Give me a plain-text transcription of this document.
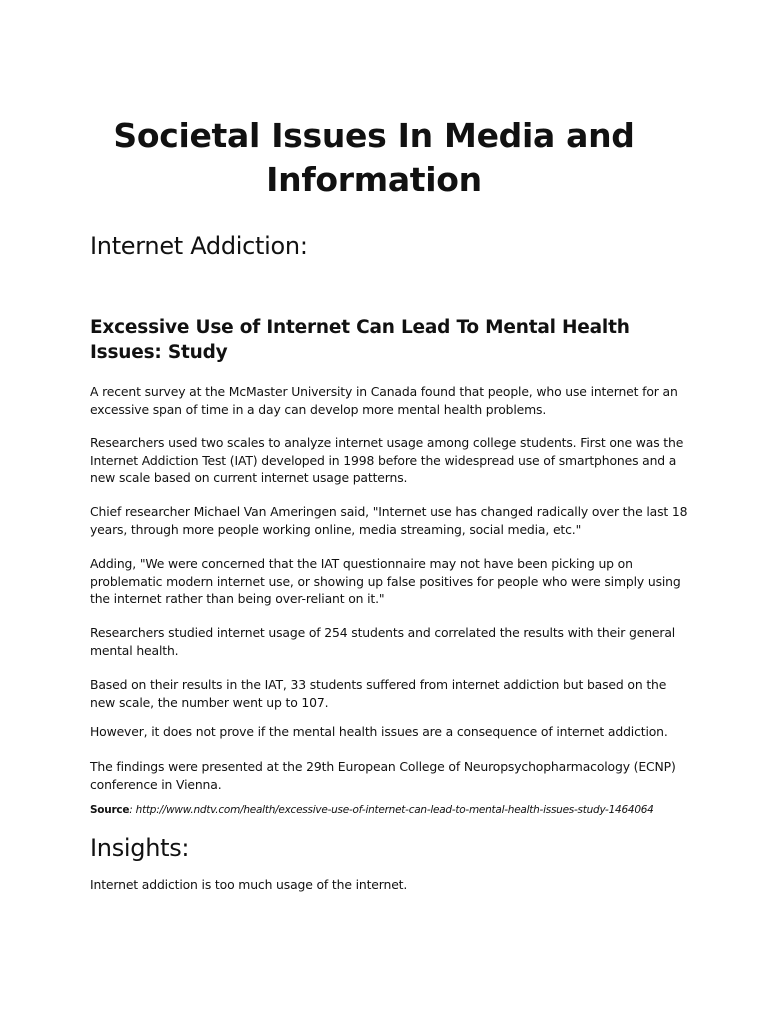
Societal Issues In Media and Information
Internet Addiction:
Excessive Use of Internet Can Lead To Mental Health Issues: Study

A recent survey at the McMaster University in Canada found that people, who use internet for an excessive span of time in a day can develop more mental health problems.

Researchers used two scales to analyze internet usage among college students. First one was the Internet Addiction Test (IAT) developed in 1998 before the widespread use of smartphones and a new scale based on current internet usage patterns.

Chief researcher Michael Van Ameringen said, "Internet use has changed radically over the last 18 years, through more people working online, media streaming, social media, etc."

Adding, "We were concerned that the IAT questionnaire may not have been picking up on problematic modern internet use, or showing up false positives for people who were simply using the internet rather than being over-reliant on it."

Researchers studied internet usage of 254 students and correlated the results with their general mental health.

Based on their results in the IAT, 33 students suffered from internet addiction but based on the new scale, the number went up to 107.

However, it does not prove if the mental health issues are a consequence of internet addiction.

The findings were presented at the 29th European College of Neuropsychopharmacology (ECNP) conference in Vienna.

Source: http://www.ndtv.com/health/excessive-use-of-internet-can-lead-to-mental-health-issues-study-1464064
Insights:

Internet addiction is too much usage of the internet.
